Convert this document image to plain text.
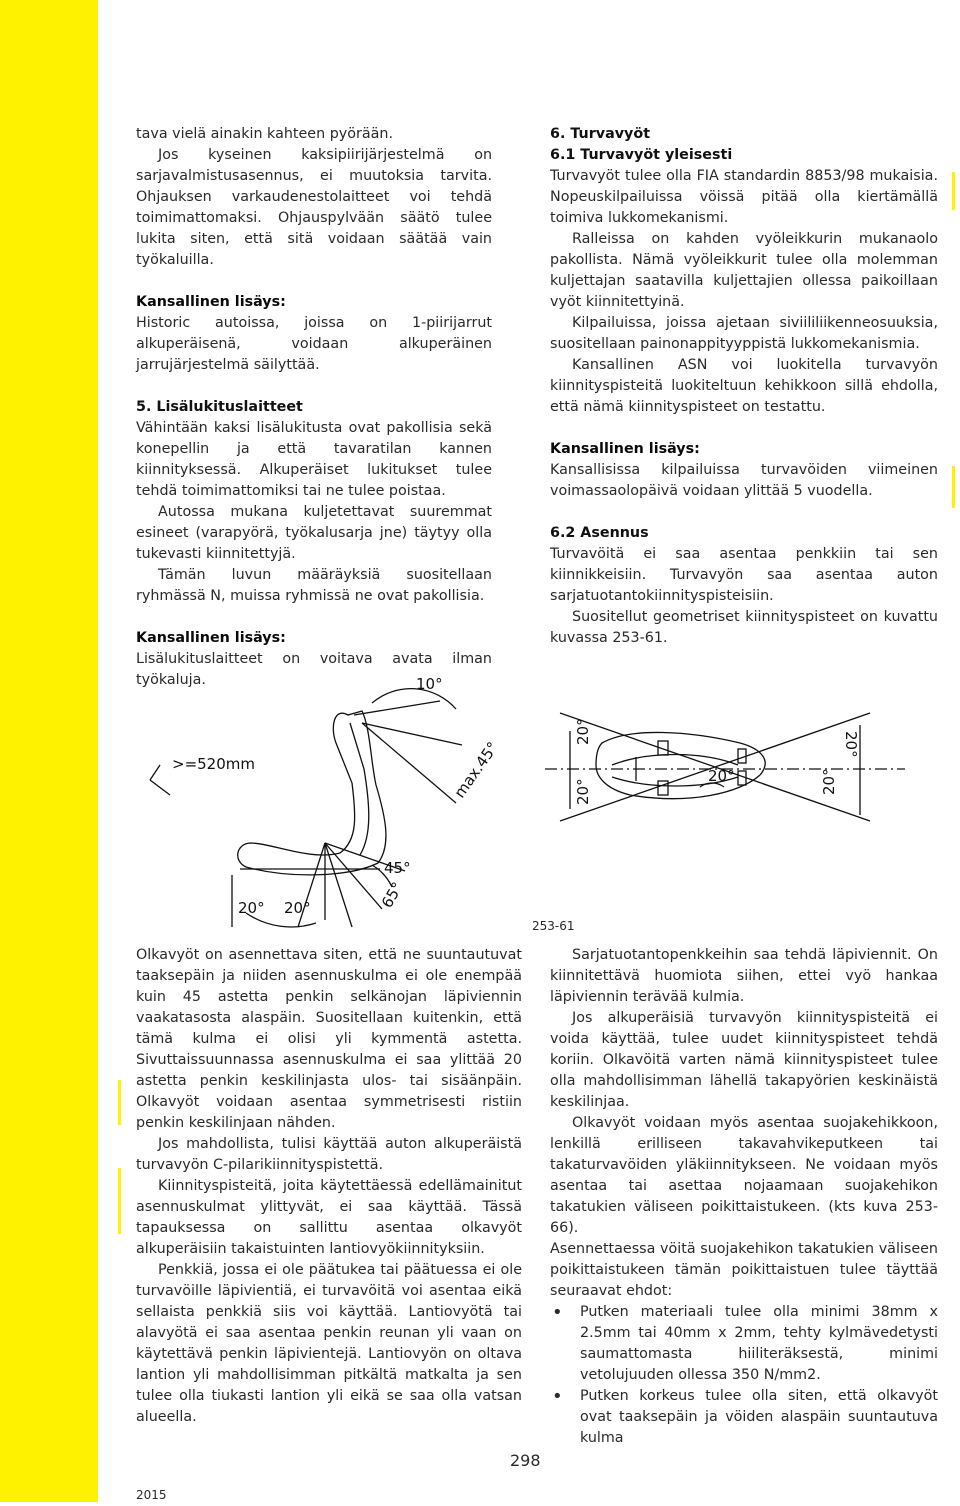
tava vielä ainakin kahteen pyörään.

Jos kyseinen kaksipiirijärjestelmä on sarjavalmistusasennus, ei muutoksia tarvita. Ohjauksen varkaudenestolaitteet voi tehdä toimimattomaksi. Ohjauspylvään säätö tulee lukita siten, että sitä voidaan säätää vain työkaluilla.

Kansallinen lisäys:

Historic autoissa, joissa on 1-piirijarrut alkuperäisenä, voidaan alkuperäinen jarrujärjestelmä säilyttää.

5. Lisälukituslaitteet

Vähintään kaksi lisälukitusta ovat pakollisia sekä konepellin ja että tavaratilan kannen kiinnityksessä. Alkuperäiset lukitukset tulee tehdä toimimattomiksi tai ne tulee poistaa.

Autossa mukana kuljetettavat suuremmat esineet (varapyörä, työkalusarja jne) täytyy olla tukevasti kiinnitettyjä.

Tämän luvun määräyksiä suositellaan ryhmässä N, muissa ryhmissä ne ovat pakollisia.

Kansallinen lisäys:

Lisälukituslaitteet on voitava avata ilman työkaluja.

6. Turvavyöt
6.1 Turvavyöt yleisesti

Turvavyöt tulee olla FIA standardin 8853/98 mukaisia. Nopeuskilpailuissa vöissä pitää olla kiertämällä toimiva lukkomekanismi.

Ralleissa on kahden vyöleikkurin mukanaolo pakollista. Nämä vyöleikkurit tulee olla molemman kuljettajan saatavilla kuljettajien ollessa paikoillaan vyöt kiinnitettyinä.

Kilpailuissa, joissa ajetaan siviililiikenneosuuksia, suositellaan painonappityyppistä lukkomekanismia.

Kansallinen ASN voi luokitella turvavyön kiinnityspisteitä luokiteltuun kehikkoon sillä ehdolla, että nämä kiinnityspisteet on testattu.

Kansallinen lisäys:

Kansallisissa kilpailuissa turvavöiden viimeinen voimassaolopäivä voidaan ylittää 5 vuodella.

6.2 Asennus

Turvavöitä ei saa asentaa penkkiin tai sen kiinnikkeisiin. Turvavyön saa asentaa auton sarjatuotantokiinnityspisteisiin.

Suositellut geometriset kiinnityspisteet on kuvattu kuvassa 253-61.

10°
>=520mm	max.45°
45°
65°
20° 20°
20°
20°
20°
20°
20°
253-61

Olkavyöt on asennettava siten, että ne suuntautuvat taaksepäin ja niiden asennuskulma ei ole enempää kuin 45 astetta penkin selkänojan läpiviennin vaakatasosta alaspäin. Suositellaan kuitenkin, että tämä kulma ei olisi yli kymmentä astetta. Sivuttaissuunnassa asennuskulma ei saa ylittää 20 astetta penkin keskilinjasta ulos- tai sisäänpäin. Olkavyöt voidaan asentaa symmetrisesti ristiin penkin keskilinjaan nähden.

Jos mahdollista, tulisi käyttää auton alkuperäistä turvavyön C-pilarikiinnityspistettä.

Kiinnityspisteitä, joita käytettäessä edellämainitut asennuskulmat ylittyvät, ei saa käyttää. Tässä tapauksessa on sallittu asentaa olkavyöt alkuperäisiin takaistuinten lantiovyökiinnityksiin.

Penkkiä, jossa ei ole päätukea tai päätuessa ei ole turvavöille läpivientiä, ei turvavöitä voi asentaa eikä sellaista penkkiä siis voi käyttää. Lantiovyötä tai alavyötä ei saa asentaa penkin reunan yli vaan on käytettävä penkin läpivientejä. Lantiovyön on oltava lantion yli mahdollisimman pitkältä matkalta ja sen tulee olla tiukasti lantion yli eikä se saa olla vatsan alueella.

Sarjatuotantopenkkeihin saa tehdä läpiviennit. On kiinnitettävä huomiota siihen, ettei vyö hankaa läpiviennin terävää kulmia.

Jos alkuperäisiä turvavyön kiinnityspisteitä ei voida käyttää, tulee uudet kiinnityspisteet tehdä koriin. Olkavöitä varten nämä kiinnityspisteet tulee olla mahdollisimman lähellä takapyörien keskinäistä keskilinjaa.

Olkavyöt voidaan myös asentaa suojakehikkoon, lenkillä erilliseen takavahvikeputkeen tai takaturvavöiden yläkiinnitykseen. Ne voidaan myös asentaa tai asettaa nojaamaan suojakehikon takatukien väliseen poikittaistukeen. (kts kuva 253-66).

Asennettaessa vöitä suojakehikon takatukien väliseen poikittaistukeen tämän poikittaistuen tulee täyttää seuraavat ehdot:

• Putken materiaali tulee olla minimi 38mm x 2.5mm tai 40mm x 2mm, tehty kylmävedetysti saumattomasta hiiliteräksestä, minimi vetolujuuden ollessa 350 N/mm2.
• Putken korkeus tulee olla siten, että olkavyöt ovat taaksepäin ja vöiden alaspäin suuntautuva kulma
298
2015
